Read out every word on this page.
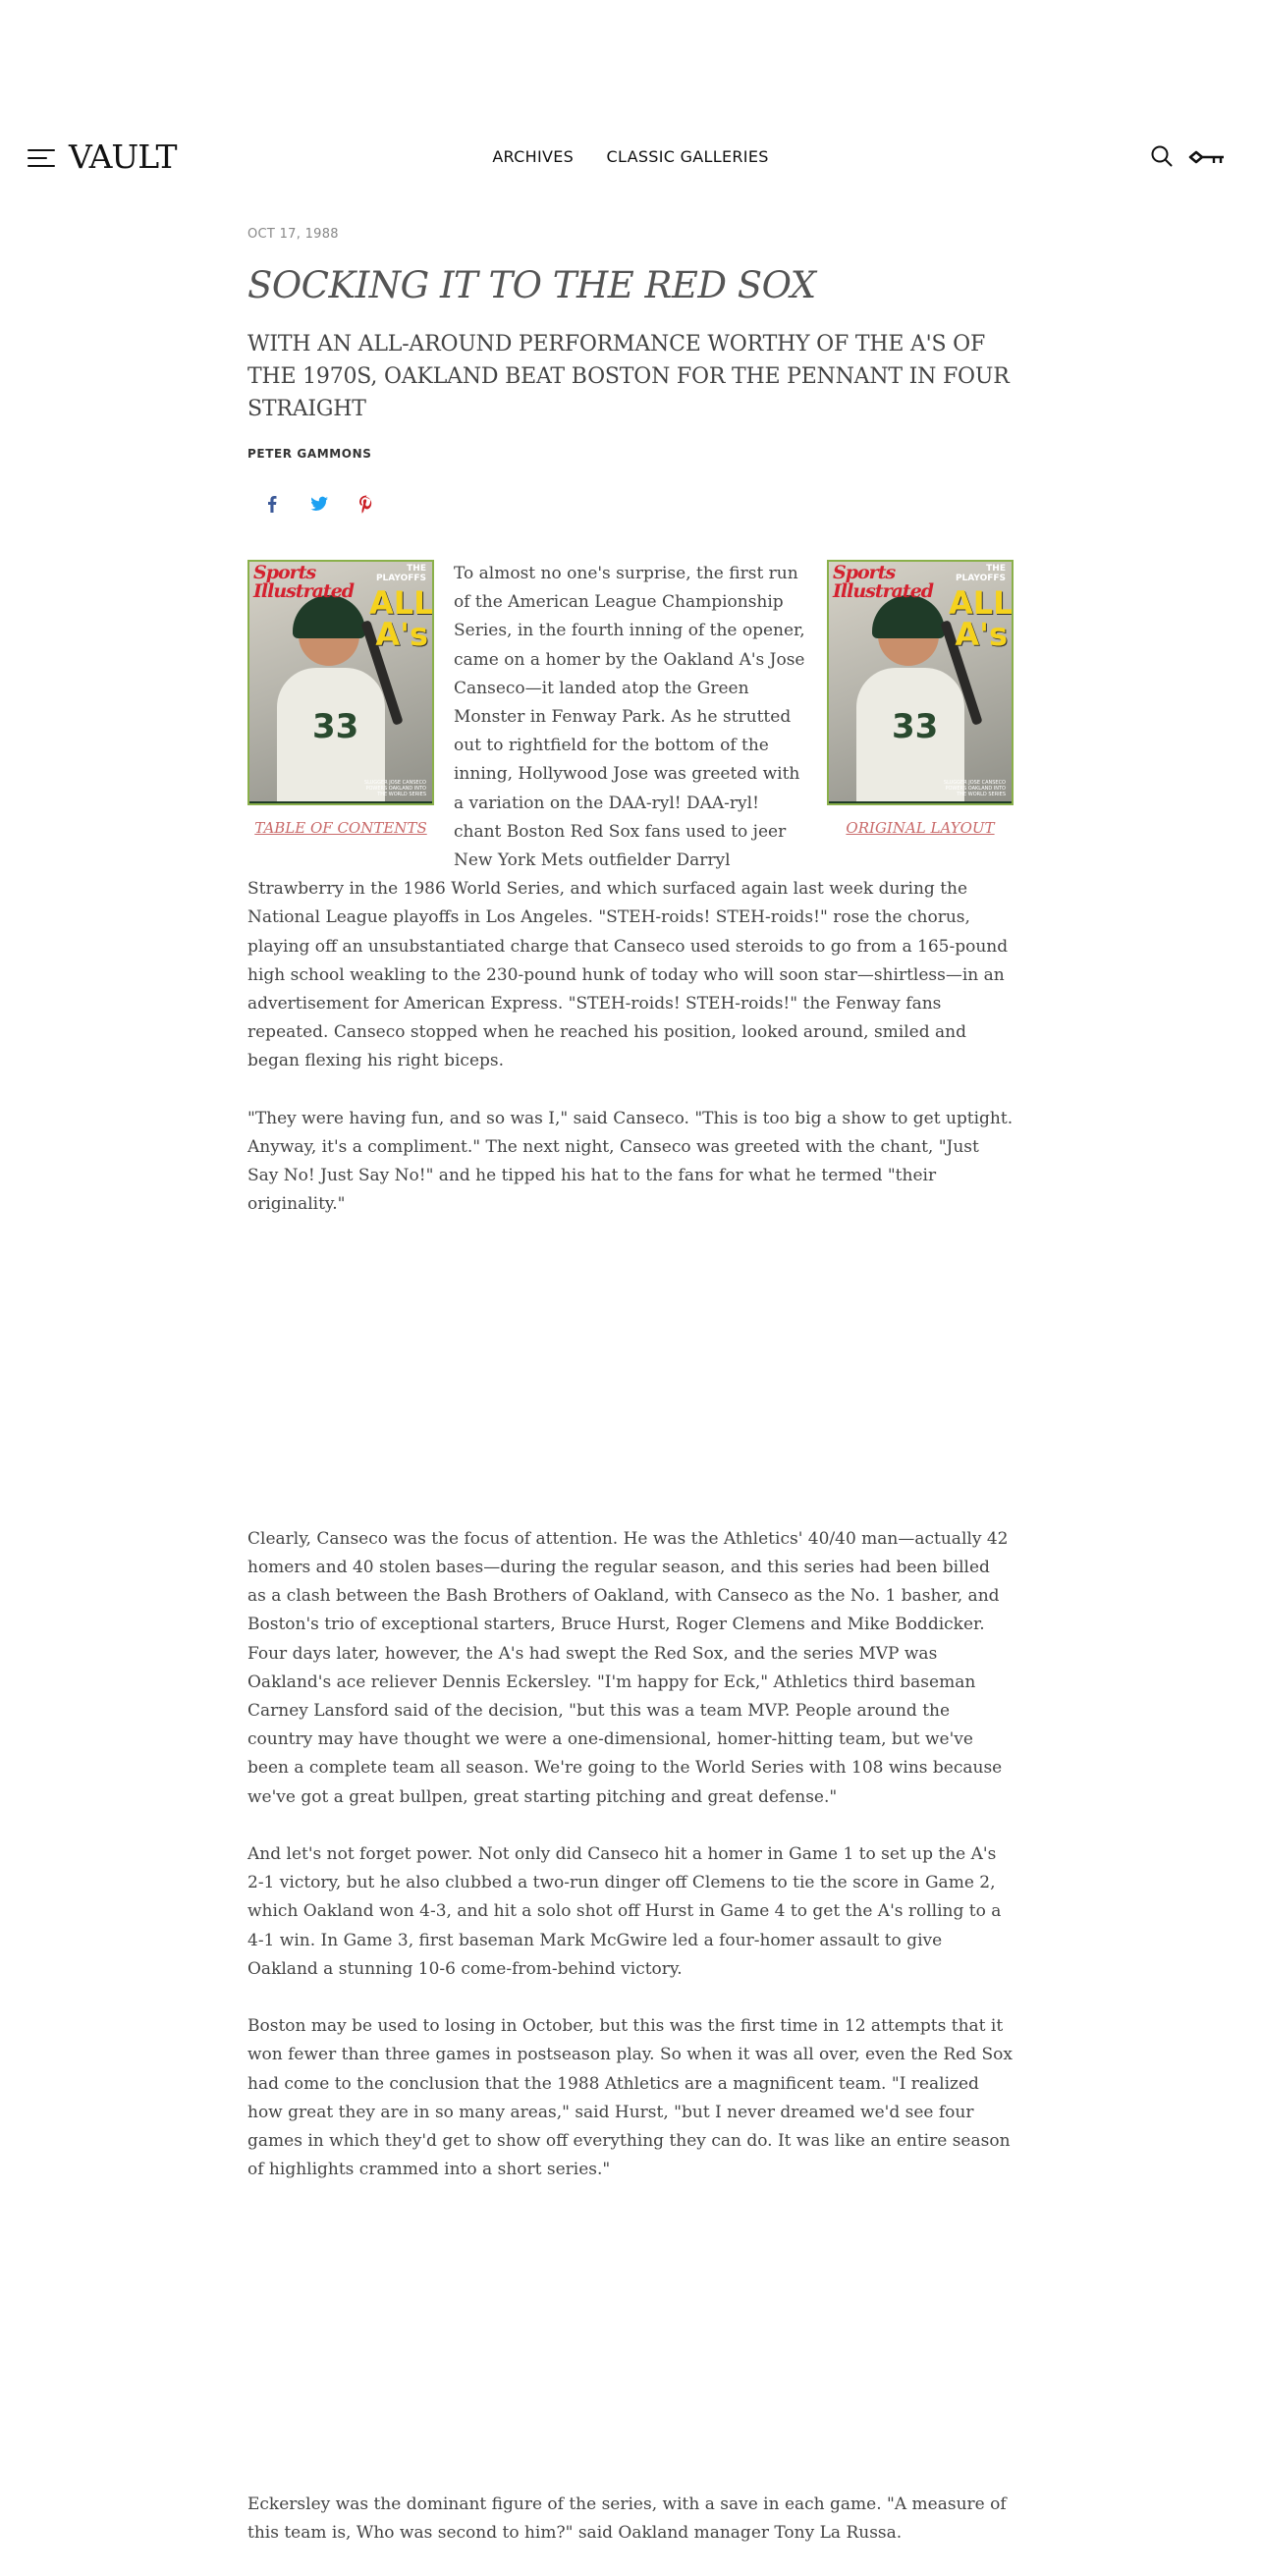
VAULT	ARCHIVES CLASSIC GALLERIES

OCT 17, 1988

SOCKING IT TO THE RED SOX

WITH AN ALL-AROUND PERFORMANCE WORTHY OF THE A'S OF THE 1970S, OAKLAND BEAT BOSTON FOR THE PENNANT IN FOUR STRAIGHT

PETER GAMMONS

33
Sports Illustrated
THE PLAYOFFS
ALL A's
SLUGGER JOSE CANSECO POWERS OAKLAND INTO THE WORLD SERIES
TABLE OF CONTENTS
33
Sports Illustrated
THE PLAYOFFS
ALL A's
SLUGGER JOSE CANSECO POWERS OAKLAND INTO THE WORLD SERIES
ORIGINAL LAYOUT

To almost no one's surprise, the first run of the American League Championship Series, in the fourth inning of the opener, came on a homer by the Oakland A's Jose Canseco—it landed atop the Green Monster in Fenway Park. As he strutted out to rightfield for the bottom of the inning, Hollywood Jose was greeted with a variation on the DAA-ryl! DAA-ryl! chant Boston Red Sox fans used to jeer New York Mets outfielder Darryl Strawberry in the 1986 World Series, and which surfaced again last week during the National League playoffs in Los Angeles. "STEH-roids! STEH-roids!" rose the chorus, playing off an unsubstantiated charge that Canseco used steroids to go from a 165-pound high school weakling to the 230-pound hunk of today who will soon star—shirtless—in an advertisement for American Express. "STEH-roids! STEH-roids!" the Fenway fans repeated. Canseco stopped when he reached his position, looked around, smiled and began flexing his right biceps.

"They were having fun, and so was I," said Canseco. "This is too big a show to get uptight. Anyway, it's a compliment." The next night, Canseco was greeted with the chant, "Just Say No! Just Say No!" and he tipped his hat to the fans for what he termed "their originality."

Clearly, Canseco was the focus of attention. He was the Athletics' 40/40 man—actually 42 homers and 40 stolen bases—during the regular season, and this series had been billed as a clash between the Bash Brothers of Oakland, with Canseco as the No. 1 basher, and Boston's trio of exceptional starters, Bruce Hurst, Roger Clemens and Mike Boddicker. Four days later, however, the A's had swept the Red Sox, and the series MVP was Oakland's ace reliever Dennis Eckersley. "I'm happy for Eck," Athletics third baseman Carney Lansford said of the decision, "but this was a team MVP. People around the country may have thought we were a one-dimensional, homer-hitting team, but we've been a complete team all season. We're going to the World Series with 108 wins because we've got a great bullpen, great starting pitching and great defense."

And let's not forget power. Not only did Canseco hit a homer in Game 1 to set up the A's 2-1 victory, but he also clubbed a two-run dinger off Clemens to tie the score in Game 2, which Oakland won 4-3, and hit a solo shot off Hurst in Game 4 to get the A's rolling to a 4-1 win. In Game 3, first baseman Mark McGwire led a four-homer assault to give Oakland a stunning 10-6 come-from-behind victory.

Boston may be used to losing in October, but this was the first time in 12 attempts that it won fewer than three games in postseason play. So when it was all over, even the Red Sox had come to the conclusion that the 1988 Athletics are a magnificent team. "I realized how great they are in so many areas," said Hurst, "but I never dreamed we'd see four games in which they'd get to show off everything they can do. It was like an entire season of highlights crammed into a short series."

Eckersley was the dominant figure of the series, with a save in each game. "A measure of this team is, Who was second to him?" said Oakland manager Tony La Russa.
